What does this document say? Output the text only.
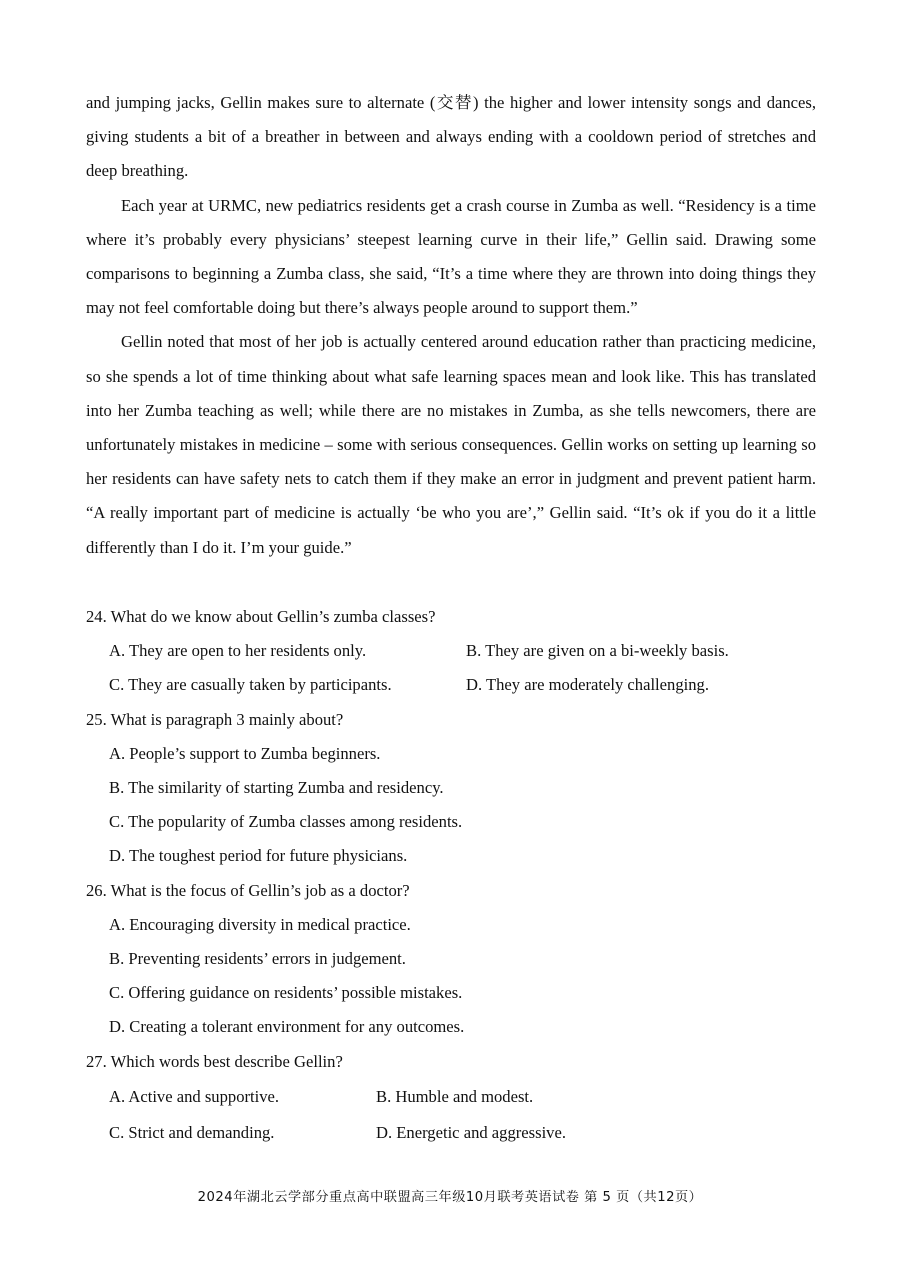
and jumping jacks, Gellin makes sure to alternate (交替) the higher and lower intensity songs and dances, giving students a bit of a breather in between and always ending with a cooldown period of stretches and deep breathing.

Each year at URMC, new pediatrics residents get a crash course in Zumba as well. “Residency is a time where it’s probably every physicians’ steepest learning curve in their life,” Gellin said. Drawing some comparisons to beginning a Zumba class, she said, “It’s a time where they are thrown into doing things they may not feel comfortable doing but there’s always people around to support them.”

Gellin noted that most of her job is actually centered around education rather than practicing medicine, so she spends a lot of time thinking about what safe learning spaces mean and look like. This has translated into her Zumba teaching as well; while there are no mistakes in Zumba, as she tells newcomers, there are unfortunately mistakes in medicine – some with serious consequences. Gellin works on setting up learning so her residents can have safety nets to catch them if they make an error in judgment and prevent patient harm. “A really important part of medicine is actually ‘be who you are’,” Gellin said. “It’s ok if you do it a little differently than I do it. I’m your guide.”

24. What do we know about Gellin’s zumba classes?

A. They are open to her residents only.	B. They are given on a bi-weekly basis.
C. They are casually taken by participants.	D. They are moderately challenging.

25. What is paragraph 3 mainly about?

A. People’s support to Zumba beginners.

B. The similarity of starting Zumba and residency.

C. The popularity of Zumba classes among residents.

D. The toughest period for future physicians.

26. What is the focus of Gellin’s job as a doctor?

A. Encouraging diversity in medical practice.

B. Preventing residents’ errors in judgement.

C. Offering guidance on residents’ possible mistakes.

D. Creating a tolerant environment for any outcomes.

27. Which words best describe Gellin?

A. Active and supportive.	B. Humble and modest.
C. Strict and demanding.	D. Energetic and aggressive.
2024年湖北云学部分重点高中联盟高三年级10月联考英语试卷 第 5 页（共12页）
